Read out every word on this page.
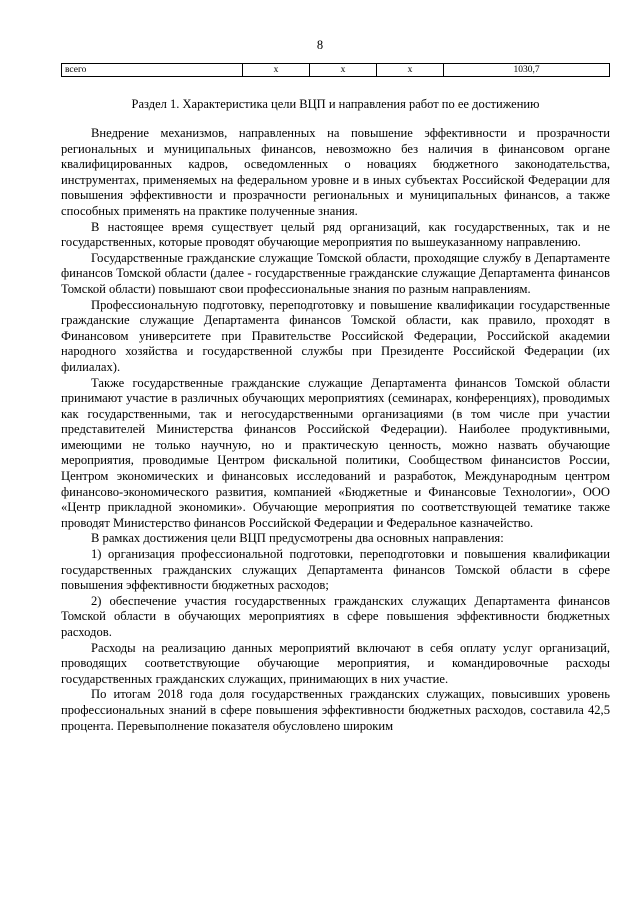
8
всего	х	х	х	1030,7
Раздел 1. Характеристика цели ВЦП и направления работ по ее достижению

Внедрение механизмов, направленных на повышение эффективности и прозрачности региональных и муниципальных финансов, невозможно без наличия в финансовом органе квалифицированных кадров, осведомленных о новациях бюджетного законодательства, инструментах, применяемых на федеральном уровне и в иных субъектах Российской Федерации для повышения эффективности и прозрачности региональных и муниципальных финансов, а также способных применять на практике полученные знания.

В настоящее время существует целый ряд организаций, как государственных, так и не государственных, которые проводят обучающие мероприятия по вышеуказанному направлению.

Государственные гражданские служащие Томской области, проходящие службу в Департаменте финансов Томской области (далее - государственные гражданские служащие Департамента финансов Томской области) повышают свои профессиональные знания по разным направлениям.

Профессиональную подготовку, переподготовку и повышение квалификации государственные гражданские служащие Департамента финансов Томской области, как правило, проходят в Финансовом университете при Правительстве Российской Федерации, Российской академии народного хозяйства и государственной службы при Президенте Российской Федерации (их филиалах).

Также государственные гражданские служащие Департамента финансов Томской области принимают участие в различных обучающих мероприятиях (семинарах, конференциях), проводимых как государственными, так и негосударственными организациями (в том числе при участии представителей Министерства финансов Российской Федерации). Наиболее продуктивными, имеющими не только научную, но и практическую ценность, можно назвать обучающие мероприятия, проводимые Центром фискальной политики, Сообществом финансистов России, Центром экономических и финансовых исследований и разработок, Международным центром финансово-экономического развития, компанией «Бюджетные и Финансовые Технологии», ООО «Центр прикладной экономики». Обучающие мероприятия по соответствующей тематике также проводят Министерство финансов Российской Федерации и Федеральное казначейство.

В рамках достижения цели ВЦП предусмотрены два основных направления:

1) организация профессиональной подготовки, переподготовки и повышения квалификации государственных гражданских служащих Департамента финансов Томской области в сфере повышения эффективности бюджетных расходов;

2) обеспечение участия государственных гражданских служащих Департамента финансов Томской области в обучающих мероприятиях в сфере повышения эффективности бюджетных расходов.

Расходы на реализацию данных мероприятий включают в себя оплату услуг организаций, проводящих соответствующие обучающие мероприятия, и командировочные расходы государственных гражданских служащих, принимающих в них участие.

По итогам 2018 года доля государственных гражданских служащих, повысивших уровень профессиональных знаний в сфере повышения эффективности бюджетных расходов, составила 42,5 процента. Перевыполнение показателя обусловлено широким
